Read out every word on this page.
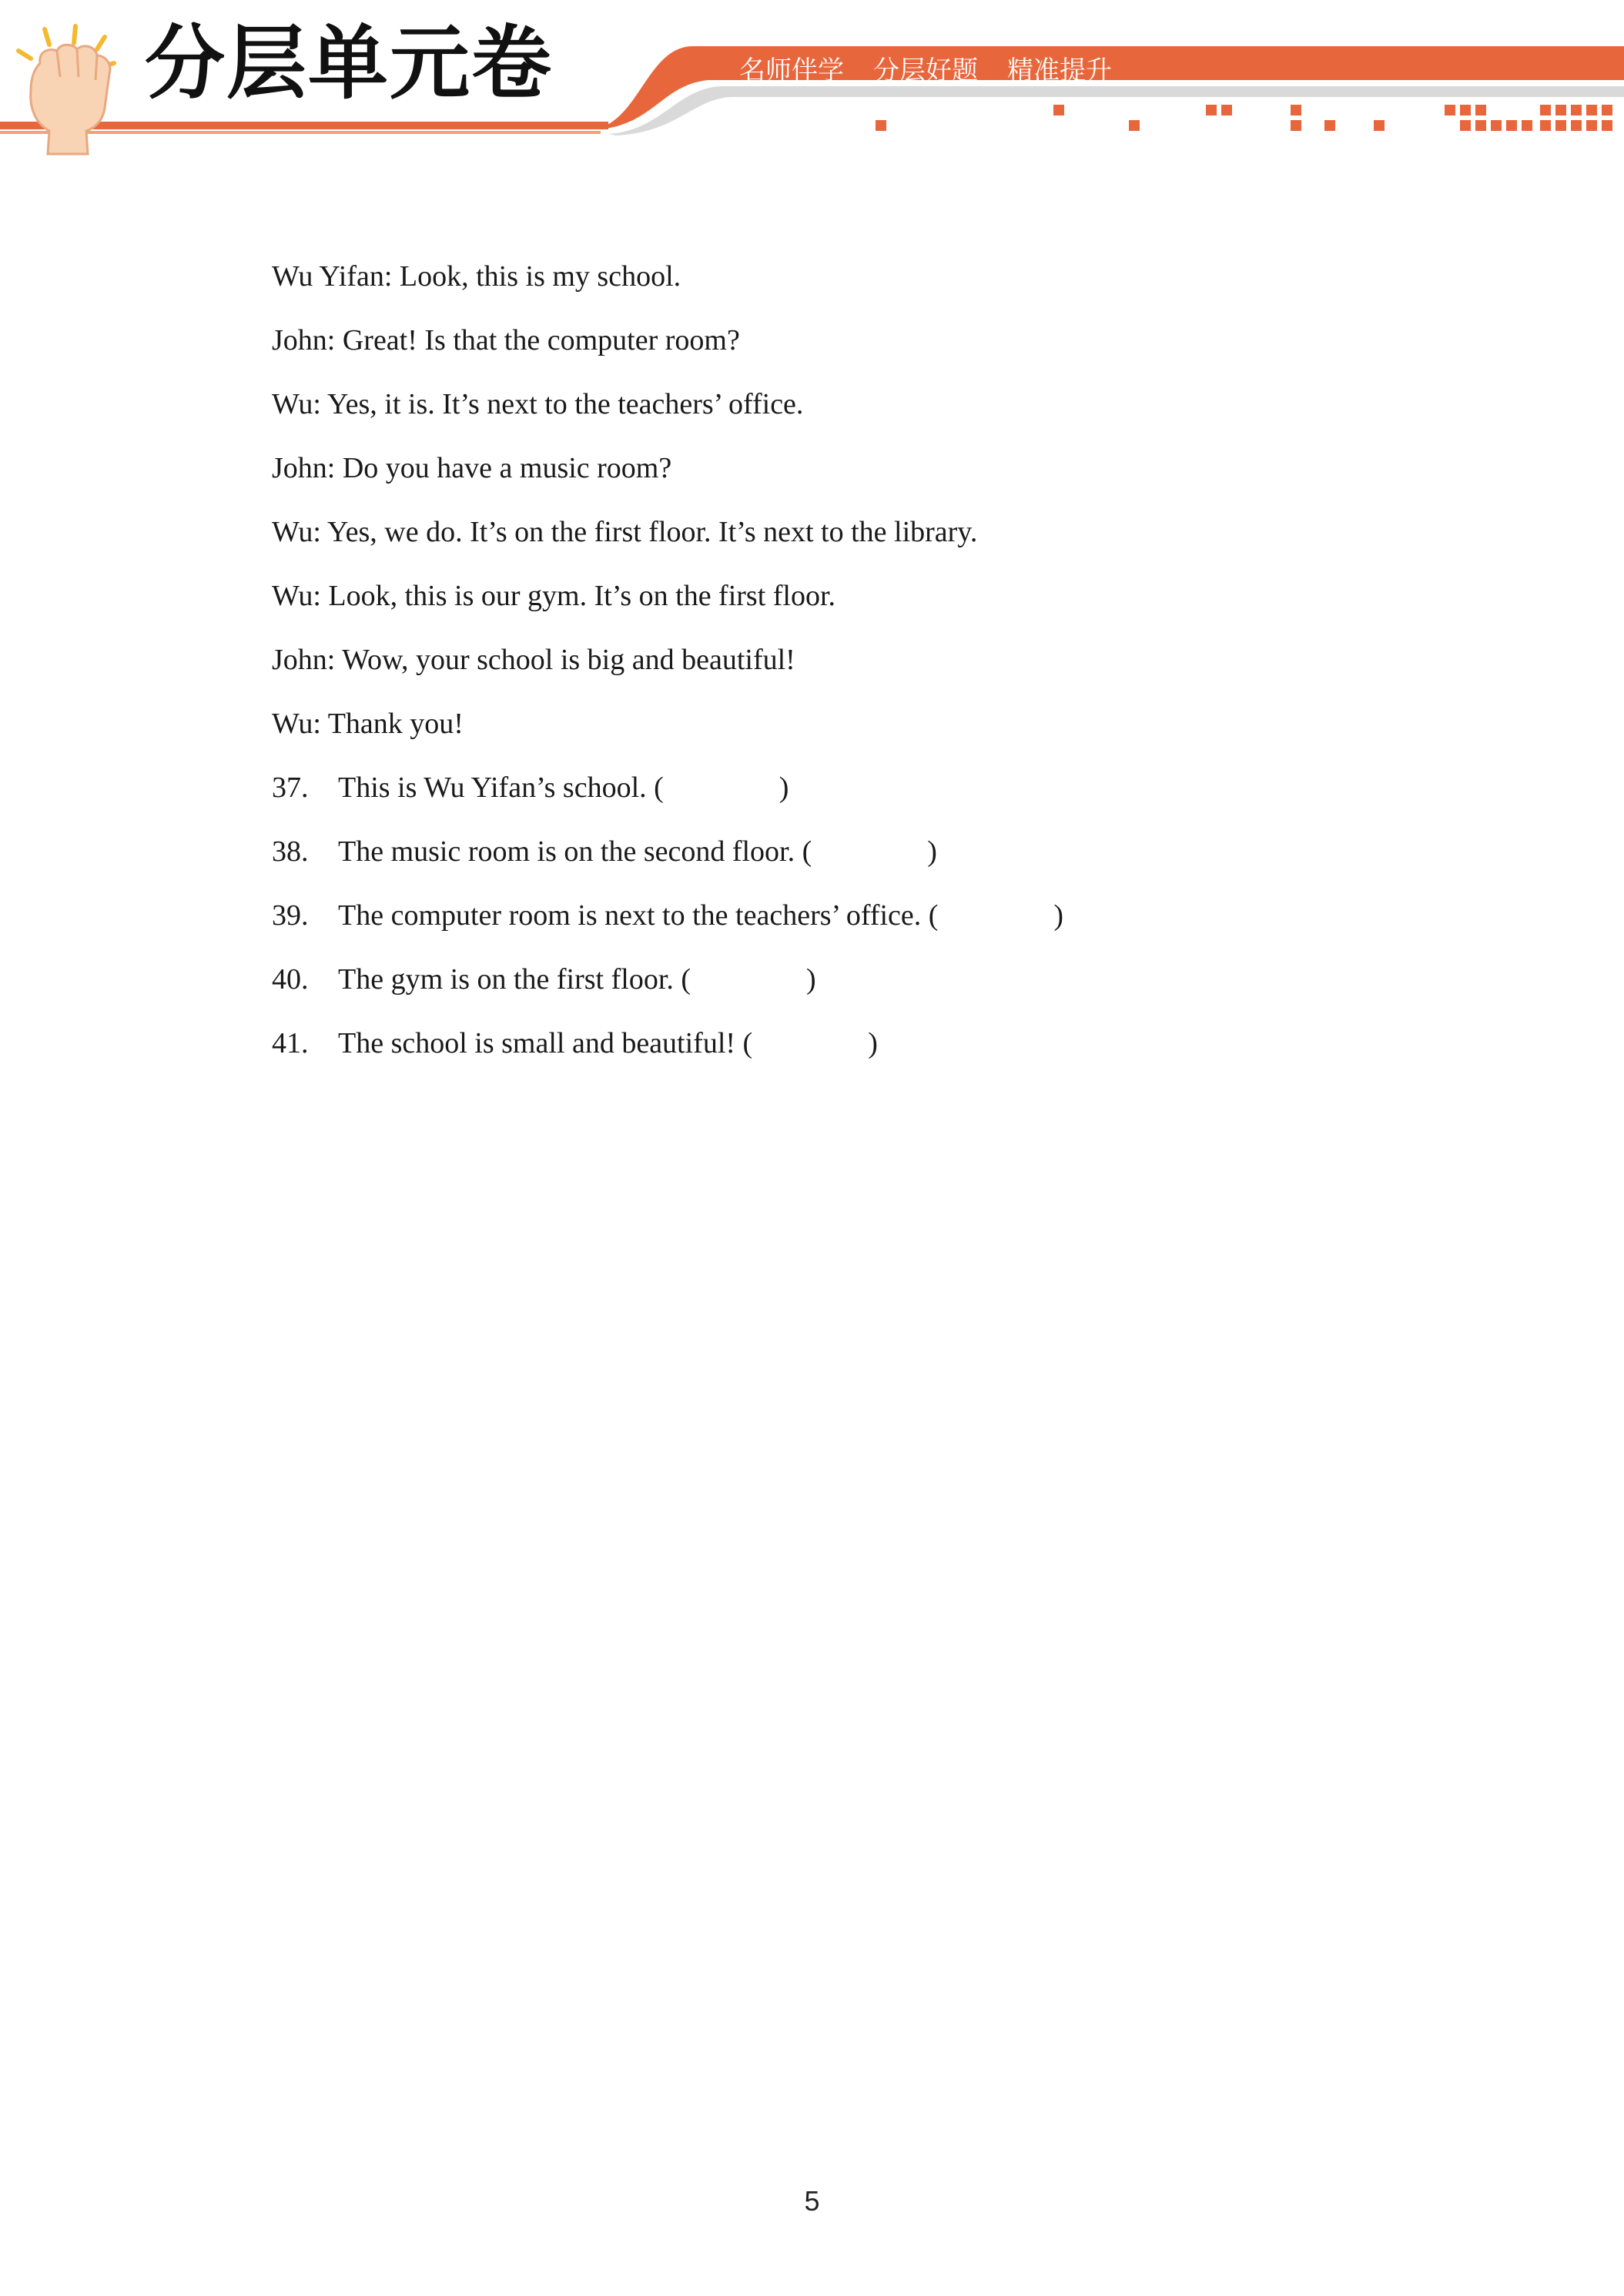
分层单元卷	名师伴学 分层好题 精准提升
Wu Yifan: Look, this is my school.
John: Great! Is that the computer room?
Wu: Yes, it is. It’s next to the teachers’ office.
John: Do you have a music room?
Wu: Yes, we do. It’s on the first floor. It’s next to the library.
Wu: Look, this is our gym. It’s on the first floor.
John: Wow, your school is big and beautiful!
Wu: Thank you!
37. This is Wu Yifan’s school. (	)
38. The music room is on the second floor. (	)
39. The computer room is next to the teachers’ office. (	)
40. The gym is on the first floor. (	)
41. The school is small and beautiful! (	)
5
